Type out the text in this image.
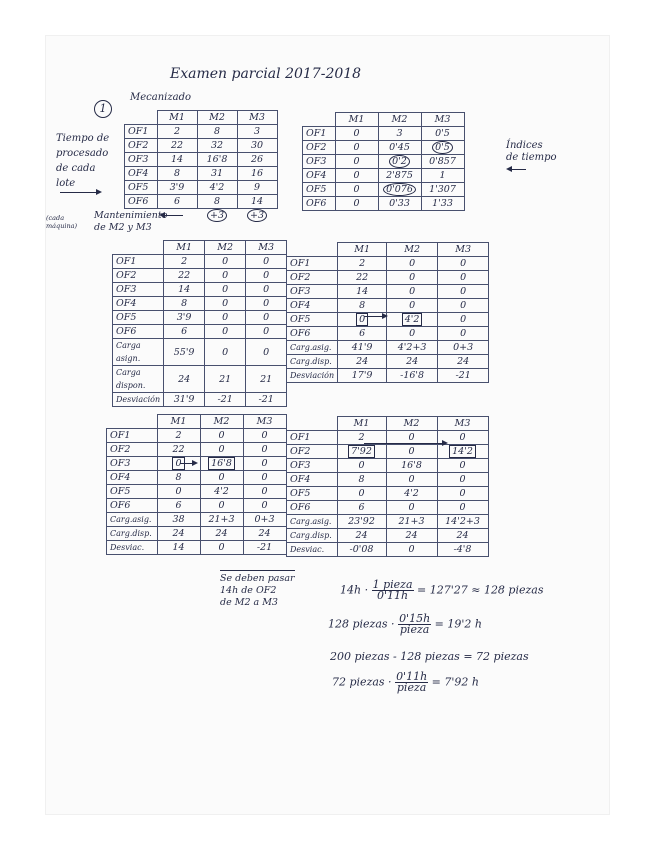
Examen parcial 2017-2018
1
Mecanizado
Tiempo de
procesado
de cada
lote
(cada
máquina)
Mantenimiento
de M2 y M3
	M1	M2	M3
OF1	2	8	3
OF2	22	32	30
OF3	14	16'8	26
OF4	8	31	16
OF5	3'9	4'2	9
OF6	6	8	14
		+3	+3
	M1	M2	M3
OF1	0	3	0'5
OF2	0	0'45	0'5
OF3	0	0'2	0'857
OF4	0	2'875	1
OF5	0	0'076	1'307
OF6	0	0'33	1'33
Índices
de tiempo
	M1	M2	M3
OF1	2	0	0
OF2	22	0	0
OF3	14	0	0
OF4	8	0	0
OF5	3'9	0	0
OF6	6	0	0
Carga asign.	55'9	0	0
Carga dispon.	24	21	21
Desviación	31'9	-21	-21
	M1	M2	M3
OF1	2	0	0
OF2	22	0	0
OF3	14	0	0
OF4	8	0	0
OF5	0	4'2	0
OF6	6	0	0
Carg.asig.	41'9	4'2+3	0+3
Carg.disp.	24	24	24
Desviación	17'9	-16'8	-21
	M1	M2	M3
OF1	2	0	0
OF2	22	0	0
OF3	0	16'8	0
OF4	8	0	0
OF5	0	4'2	0
OF6	6	0	0
Carg.asig.	38	21+3	0+3
Carg.disp.	24	24	24
Desviac.	14	0	-21
	M1	M2	M3
OF1	2	0	0
OF2	7'92	0	14'2
OF3	0	16'8	0
OF4	8	0	0
OF5	0	4'2	0
OF6	6	0	0
Carg.asig.	23'92	21+3	14'2+3
Carg.disp.	24	24	24
Desviac.	-0'08	0	-4'8
Se deben pasar
14h de OF2
de M2 a M3
$14h \cdot \frac{\text{1 pieza}}{0'11h} = 127'27 \approx 128$ piezas
128 piezas · $\frac{0'15h}{\text{pieza}} = 19'2$ h
200 piezas - 128 piezas = 72 piezas
72 piezas · $\frac{0'11h}{\text{pieza}} = 7'92$ h
